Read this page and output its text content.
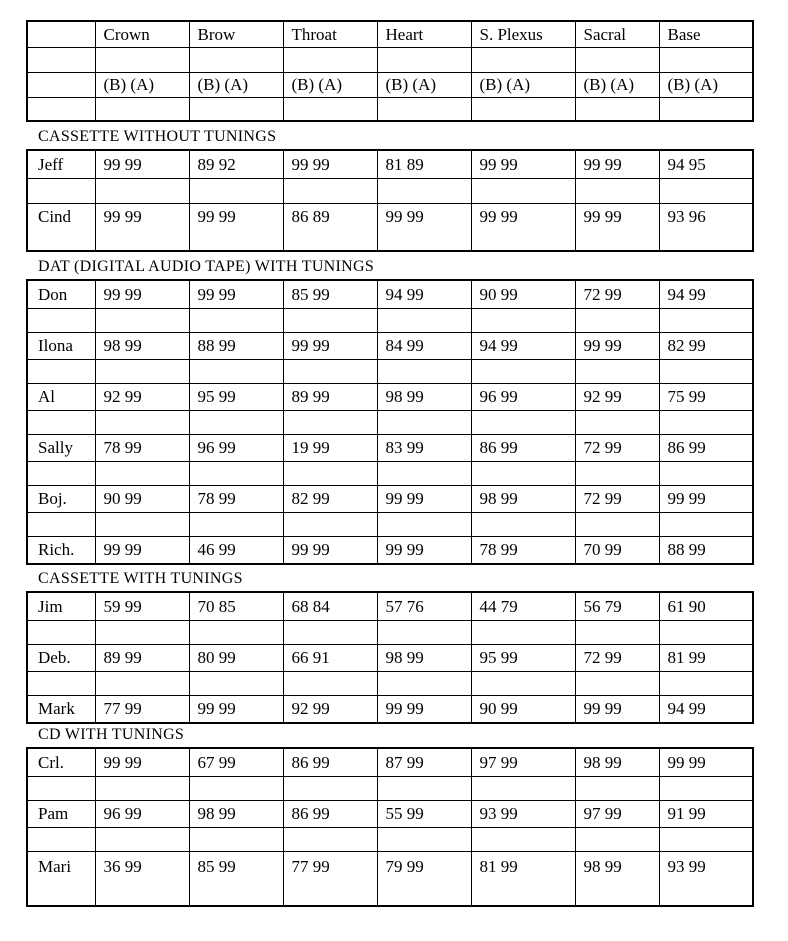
	Crown	Brow	Throat	Heart	S. Plexus	Sacral	Base

	(B) (A)	(B) (A)	(B) (A)	(B) (A)	(B) (A)	(B) (A)	(B) (A)

CASSETTE WITHOUT TUNINGS
Jeff	99 99	89 92	99 99	81 89	99 99	99 99	94 95

Cind	99 99	99 99	86 89	99 99	99 99	99 99	93 96
DAT (DIGITAL AUDIO TAPE) WITH TUNINGS
Don	99 99	99 99	85 99	94 99	90 99	72 99	94 99

Ilona	98 99	88 99	99 99	84 99	94 99	99 99	82 99

Al	92 99	95 99	89 99	98 99	96 99	92 99	75 99

Sally	78 99	96 99	19 99	83 99	86 99	72 99	86 99

Boj.	90 99	78 99	82 99	99 99	98 99	72 99	99 99

Rich.	99 99	46 99	99 99	99 99	78 99	70 99	88 99
CASSETTE WITH TUNINGS
Jim	59 99	70 85	68 84	57 76	44 79	56 79	61 90

Deb.	89 99	80 99	66 91	98 99	95 99	72 99	81 99

Mark	77 99	99 99	92 99	99 99	90 99	99 99	94 99
CD WITH TUNINGS
Crl.	99 99	67 99	86 99	87 99	97 99	98 99	99 99

Pam	96 99	98 99	86 99	55 99	93 99	97 99	91 99

Mari	36 99	85 99	77 99	79 99	81 99	98 99	93 99
